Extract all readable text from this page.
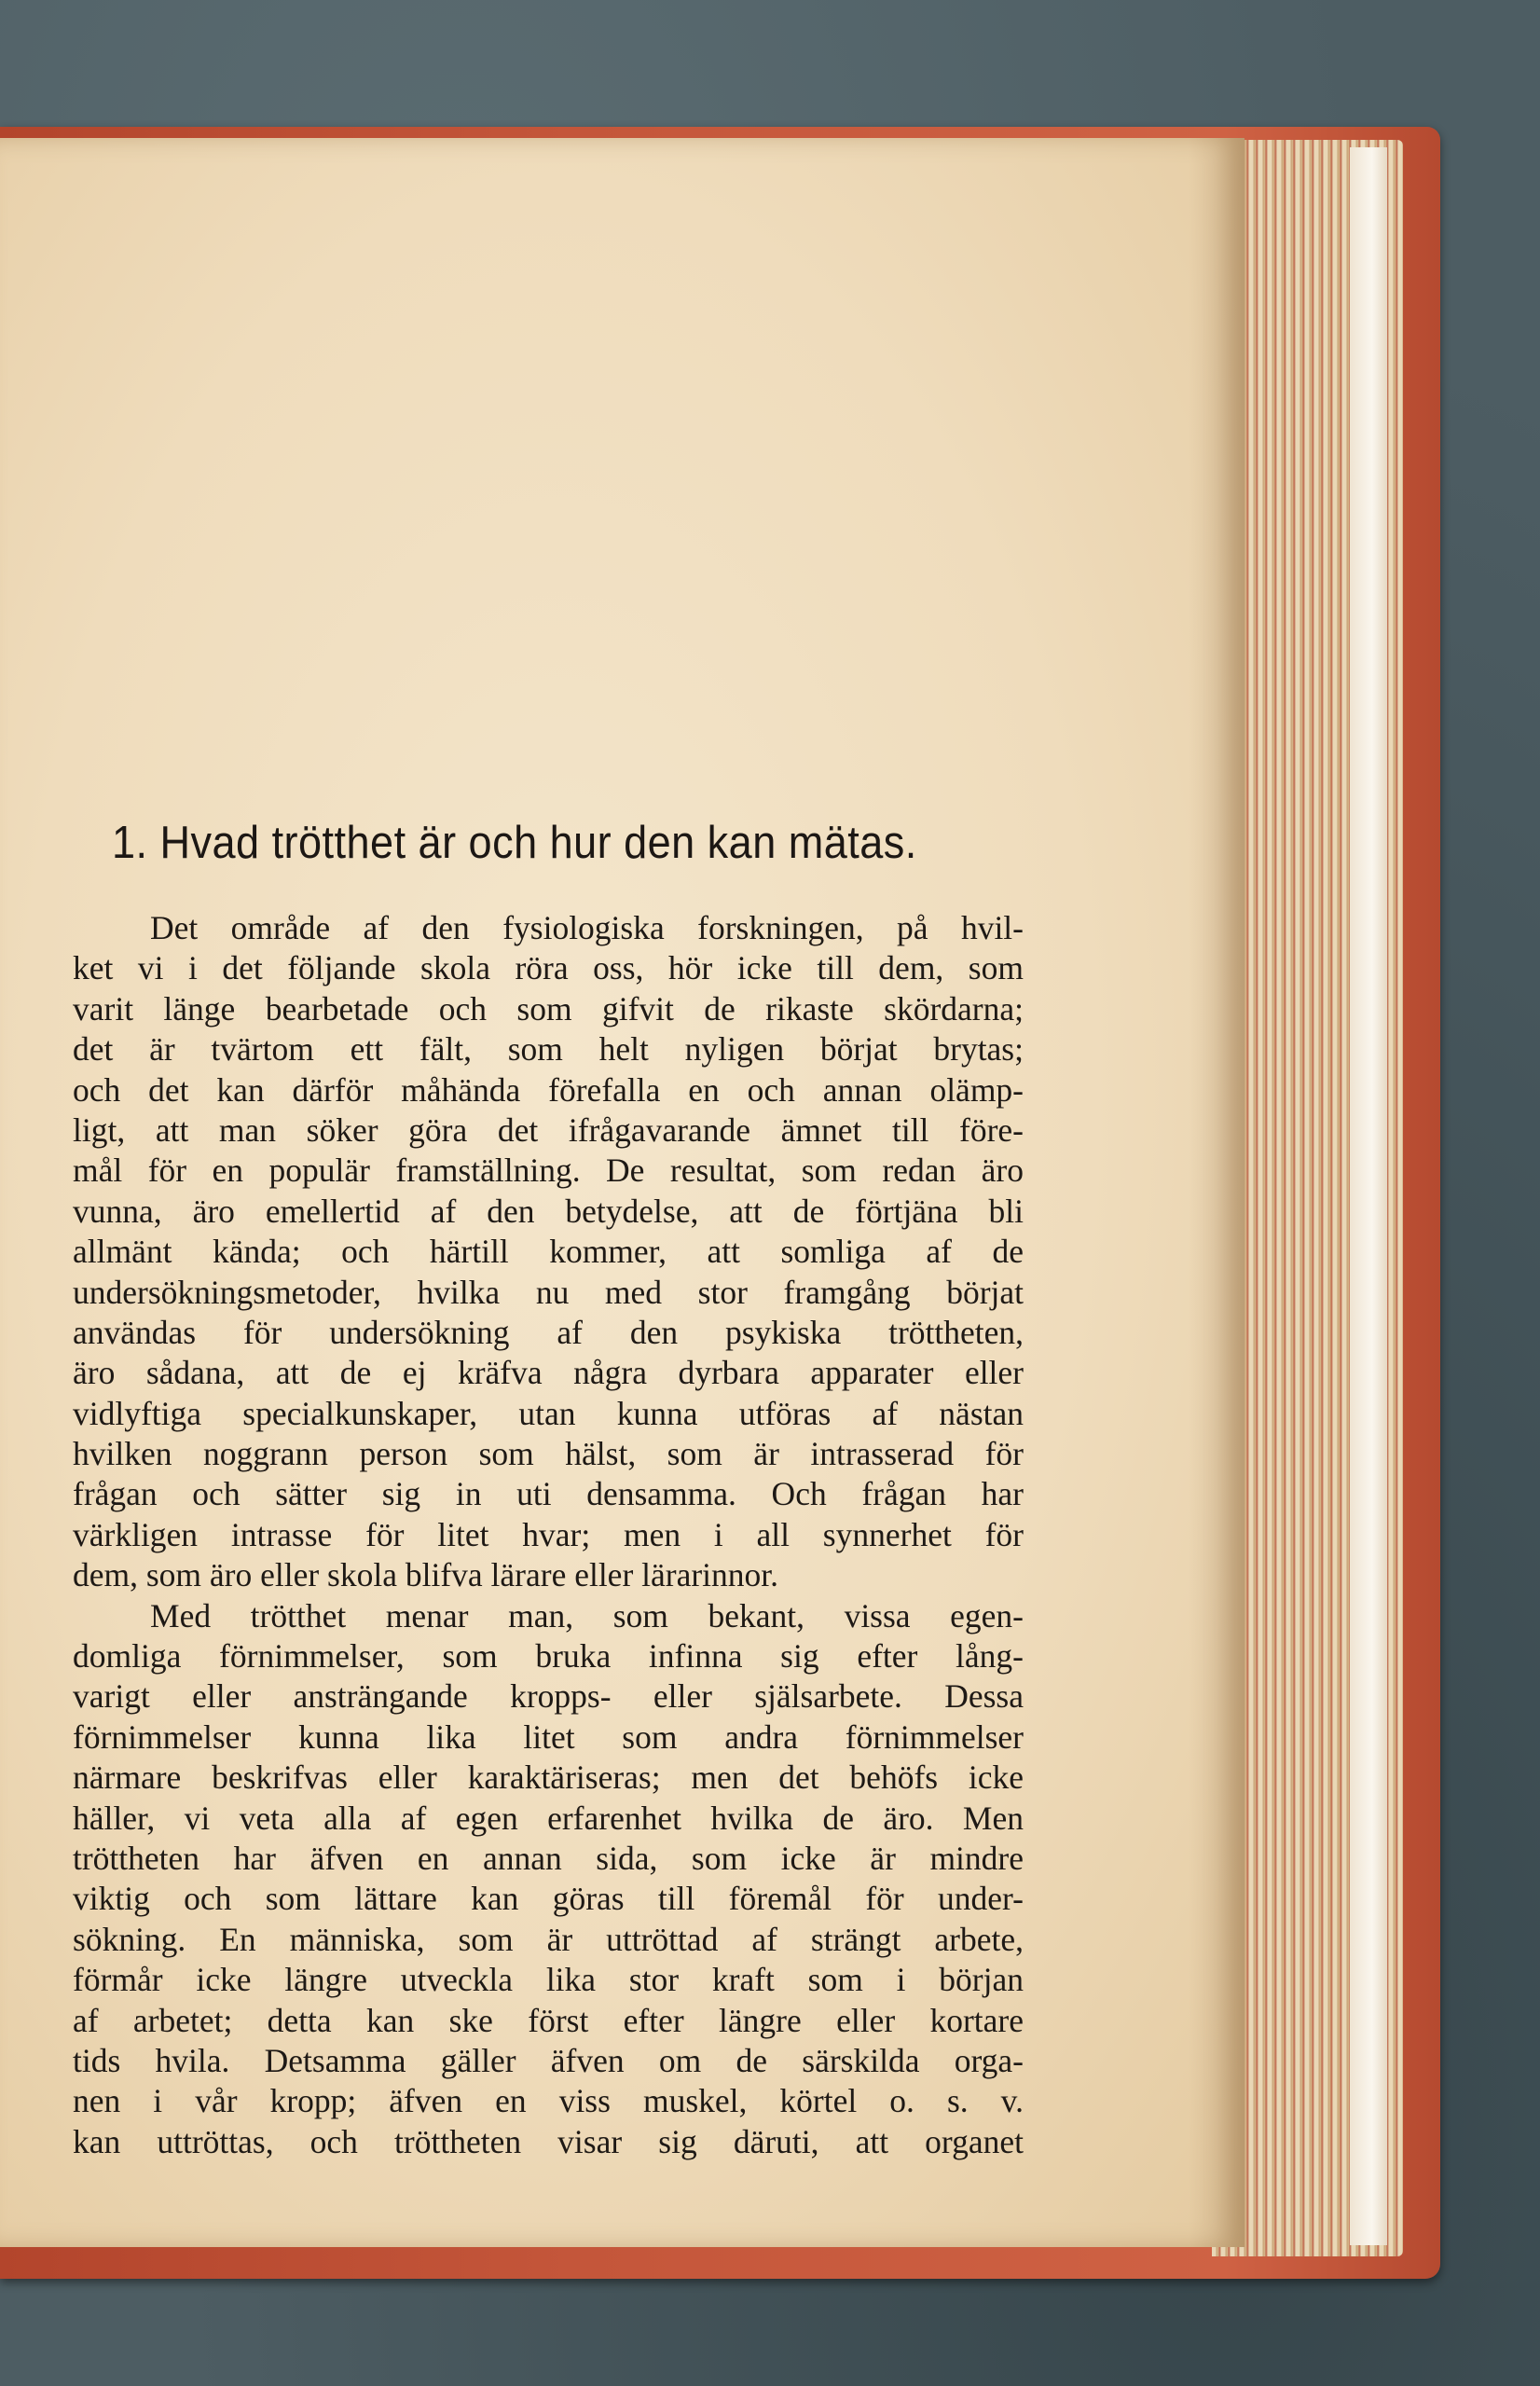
1. Hvad trötthet är och hur den kan mätas.
Det område af den fysiologiska forskningen, på hvil-
ket vi i det följande skola röra oss, hör icke till dem, som
varit länge bearbetade och som gifvit de rikaste skördarna;
det är tvärtom ett fält, som helt nyligen börjat brytas;
och det kan därför måhända förefalla en och annan olämp-
ligt, att man söker göra det ifrågavarande ämnet till före-
mål för en populär framställning. De resultat, som redan äro
vunna, äro emellertid af den betydelse, att de förtjäna bli
allmänt kända; och härtill kommer, att somliga af de
undersökningsmetoder, hvilka nu med stor framgång börjat
användas för undersökning af den psykiska tröttheten,
äro sådana, att de ej kräfva några dyrbara apparater eller
vidlyftiga specialkunskaper, utan kunna utföras af nästan
hvilken noggrann person som hälst, som är intrasserad för
frågan och sätter sig in uti densamma. Och frågan har
värkligen intrasse för litet hvar; men i all synnerhet för
dem, som äro eller skola blifva lärare eller lärarinnor.
Med trötthet menar man, som bekant, vissa egen-
domliga förnimmelser, som bruka infinna sig efter lång-
varigt eller ansträngande kropps- eller själsarbete. Dessa
förnimmelser kunna lika litet som andra förnimmelser
närmare beskrifvas eller karaktäriseras; men det behöfs icke
häller, vi veta alla af egen erfarenhet hvilka de äro. Men
tröttheten har äfven en annan sida, som icke är mindre
viktig och som lättare kan göras till föremål för under-
sökning. En människa, som är uttröttad af strängt arbete,
förmår icke längre utveckla lika stor kraft som i början
af arbetet; detta kan ske först efter längre eller kortare
tids hvila. Detsamma gäller äfven om de särskilda orga-
nen i vår kropp; äfven en viss muskel, körtel o. s. v.
kan uttröttas, och tröttheten visar sig däruti, att organet
